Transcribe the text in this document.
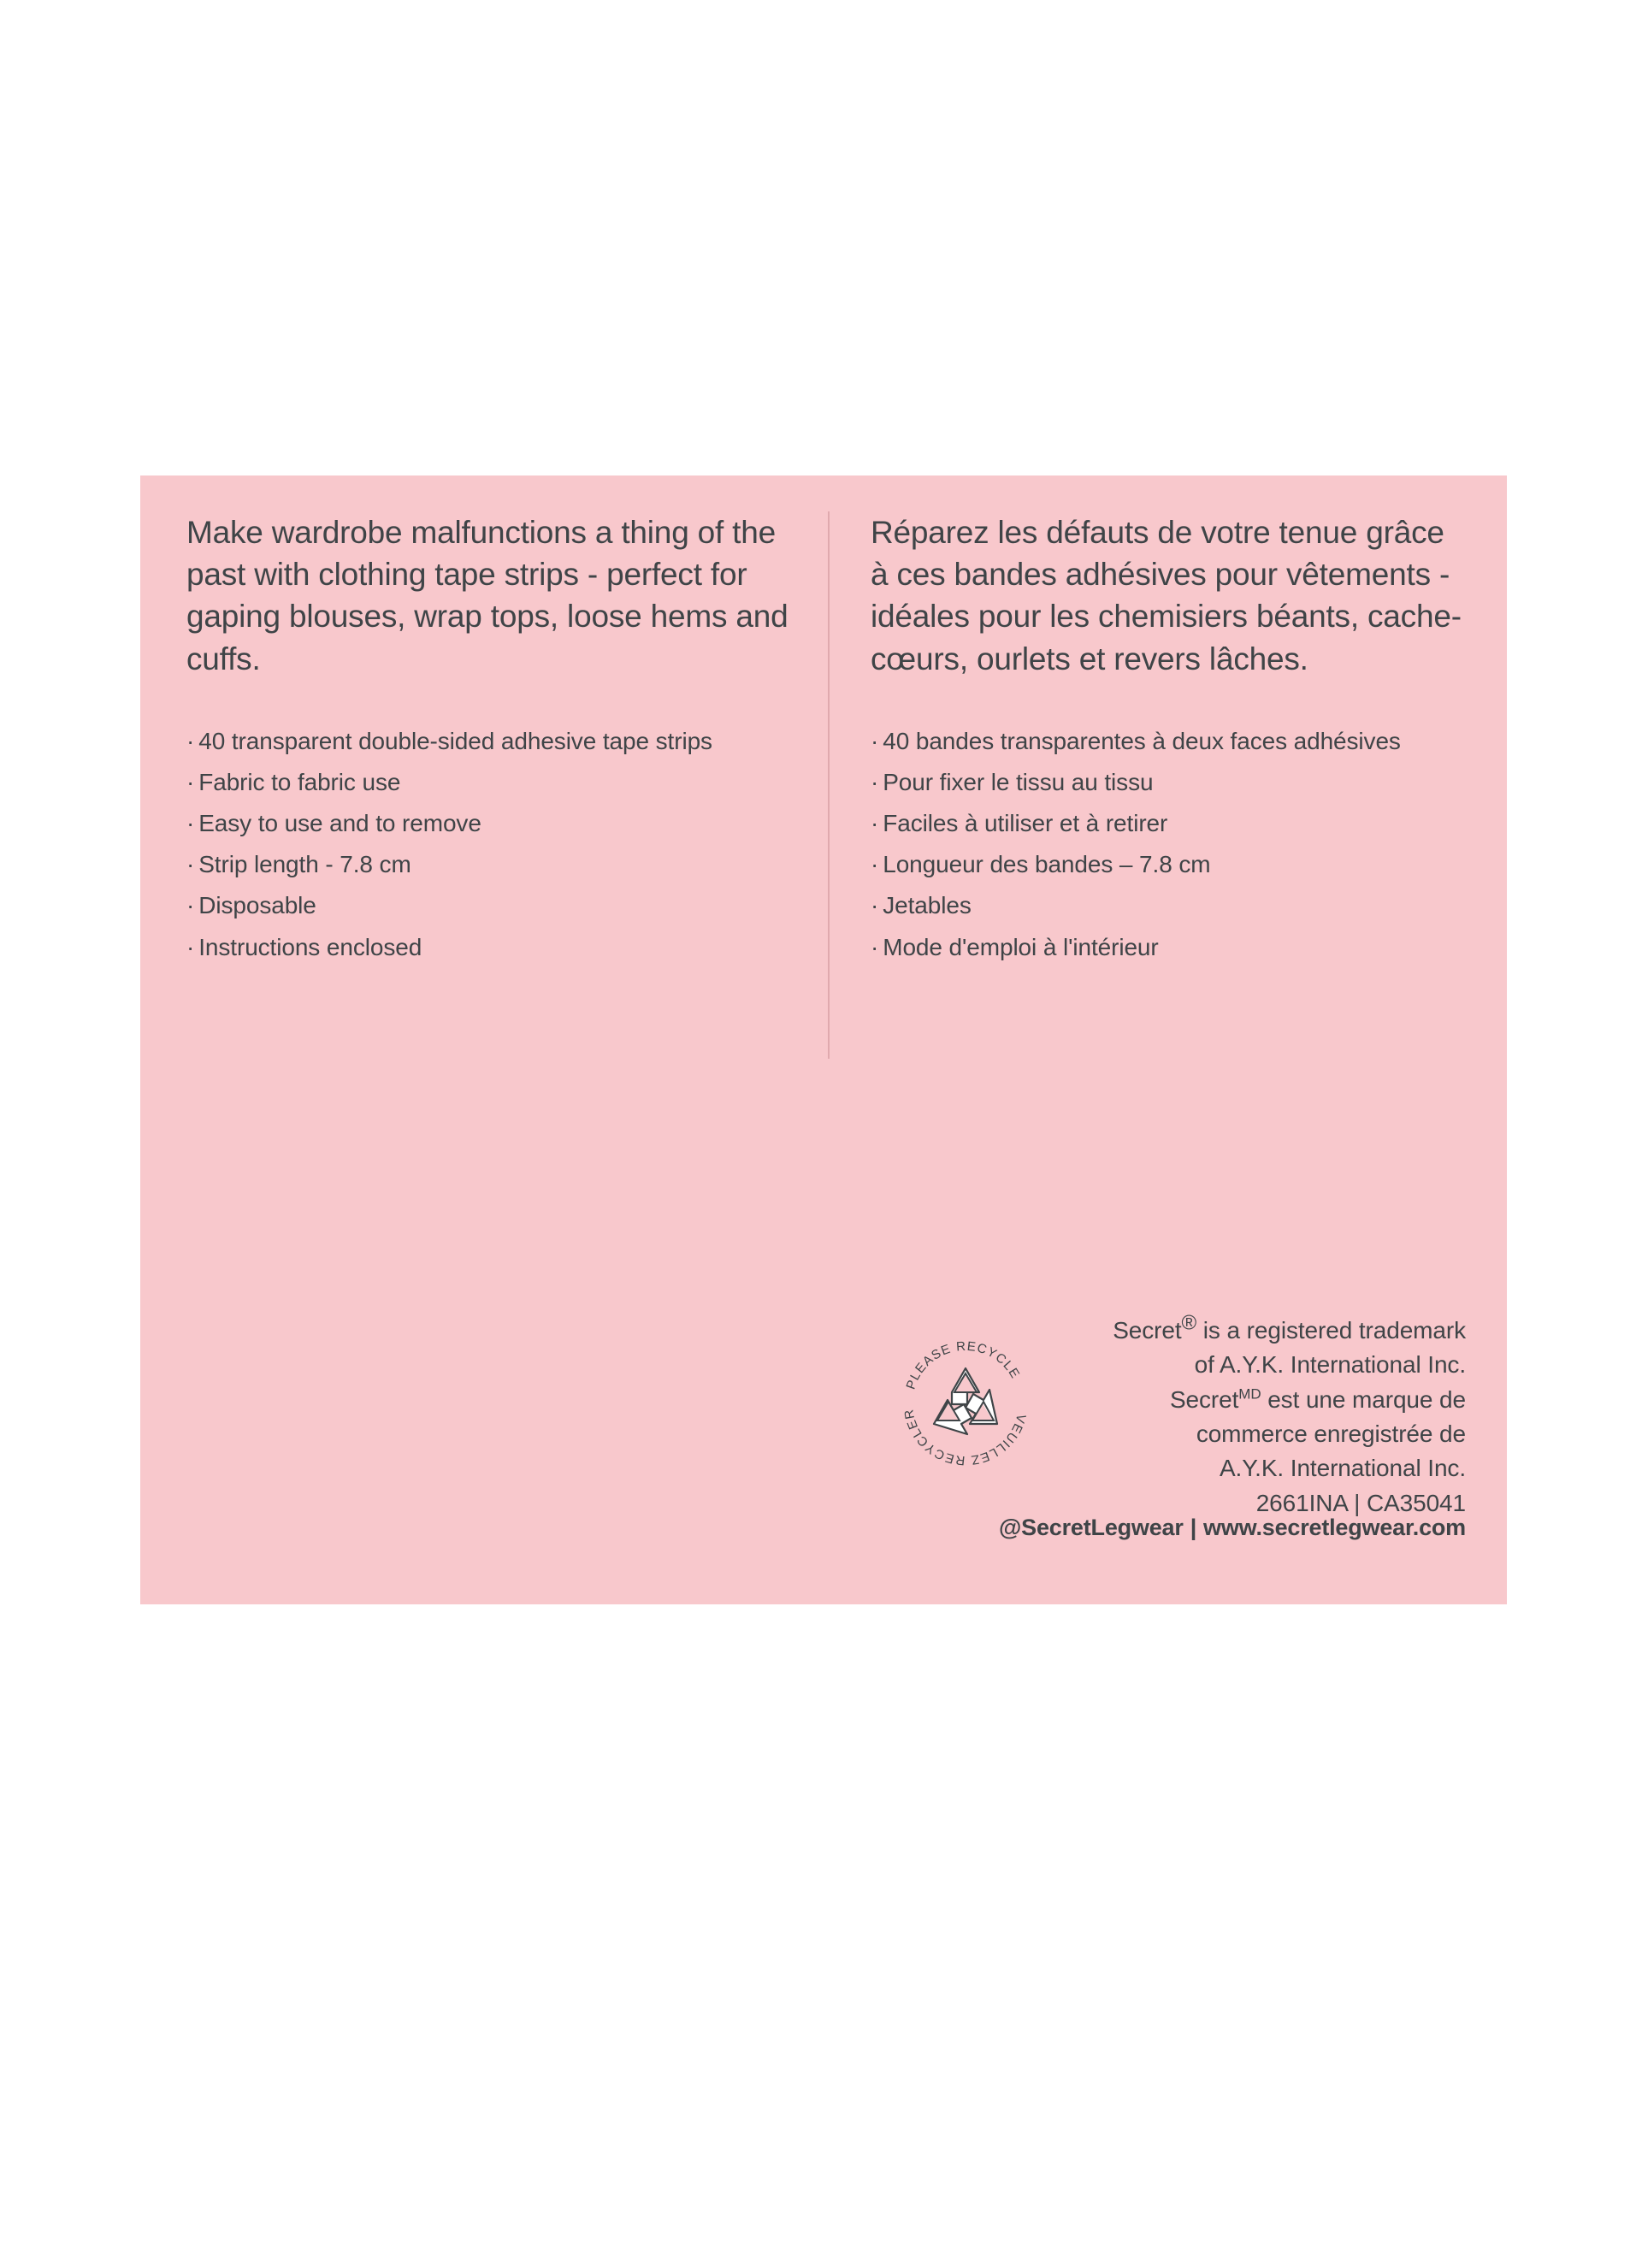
Make wardrobe malfunctions a thing of the past with clothing tape strips - perfect for gaping blouses, wrap tops, loose hems and cuffs.

· 40 transparent double-sided adhesive tape strips
· Fabric to fabric use
· Easy to use and to remove
· Strip length - 7.8 cm
· Disposable
· Instructions enclosed

Réparez les défauts de votre tenue grâce à ces bandes adhésives pour vêtements - idéales pour les chemisiers béants, cache-cœurs, ourlets et revers lâches.

· 40 bandes transparentes à deux faces adhésives
· Pour fixer le tissu au tissu
· Faciles à utiliser et à retirer
· Longueur des bandes – 7.8 cm
· Jetables
· Mode d'emploi à l'intérieur
PLEASE RECYCLE
VEUILLEZ RECYCLER
Secret® is a registered trademark
of A.Y.K. International Inc.
Secret$^{MD}$ est une marque de
commerce enregistrée de
A.Y.K. International Inc.
2661INA | CA35041
@SecretLegwear | www.secretlegwear.com
